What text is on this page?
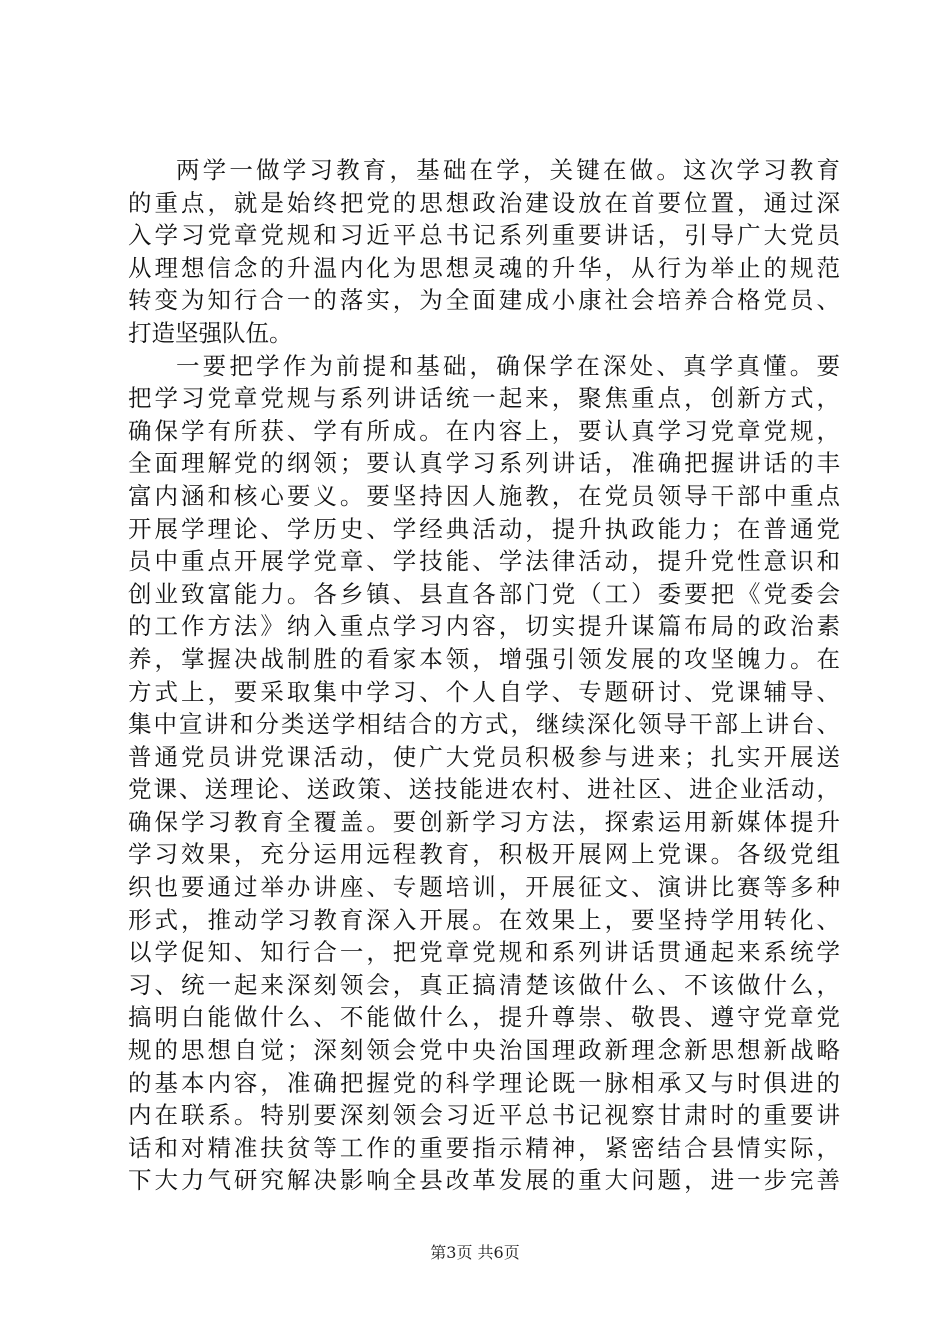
两学一做学习教育，基础在学，关键在做。这次学习教育
的重点，就是始终把党的思想政治建设放在首要位置，通过深
入学习党章党规和习近平总书记系列重要讲话，引导广大党员
从理想信念的升温内化为思想灵魂的升华，从行为举止的规范
转变为知行合一的落实，为全面建成小康社会培养合格党员、
打造坚强队伍。
一要把学作为前提和基础，确保学在深处、真学真懂。要
把学习党章党规与系列讲话统一起来，聚焦重点，创新方式，
确保学有所获、学有所成。在内容上，要认真学习党章党规，
全面理解党的纲领；要认真学习系列讲话，准确把握讲话的丰
富内涵和核心要义。要坚持因人施教，在党员领导干部中重点
开展学理论、学历史、学经典活动，提升执政能力；在普通党
员中重点开展学党章、学技能、学法律活动，提升党性意识和
创业致富能力。各乡镇、县直各部门党（工）委要把《党委会
的工作方法》纳入重点学习内容，切实提升谋篇布局的政治素
养，掌握决战制胜的看家本领，增强引领发展的攻坚魄力。在
方式上，要采取集中学习、个人自学、专题研讨、党课辅导、
集中宣讲和分类送学相结合的方式，继续深化领导干部上讲台、
普通党员讲党课活动，使广大党员积极参与进来；扎实开展送
党课、送理论、送政策、送技能进农村、进社区、进企业活动，
确保学习教育全覆盖。要创新学习方法，探索运用新媒体提升
学习效果，充分运用远程教育，积极开展网上党课。各级党组
织也要通过举办讲座、专题培训，开展征文、演讲比赛等多种
形式，推动学习教育深入开展。在效果上，要坚持学用转化、
以学促知、知行合一，把党章党规和系列讲话贯通起来系统学
习、统一起来深刻领会，真正搞清楚该做什么、不该做什么，
搞明白能做什么、不能做什么，提升尊崇、敬畏、遵守党章党
规的思想自觉；深刻领会党中央治国理政新理念新思想新战略
的基本内容，准确把握党的科学理论既一脉相承又与时俱进的
内在联系。特别要深刻领会习近平总书记视察甘肃时的重要讲
话和对精准扶贫等工作的重要指示精神，紧密结合县情实际，
下大力气研究解决影响全县改革发展的重大问题，进一步完善
第3页 共6页
